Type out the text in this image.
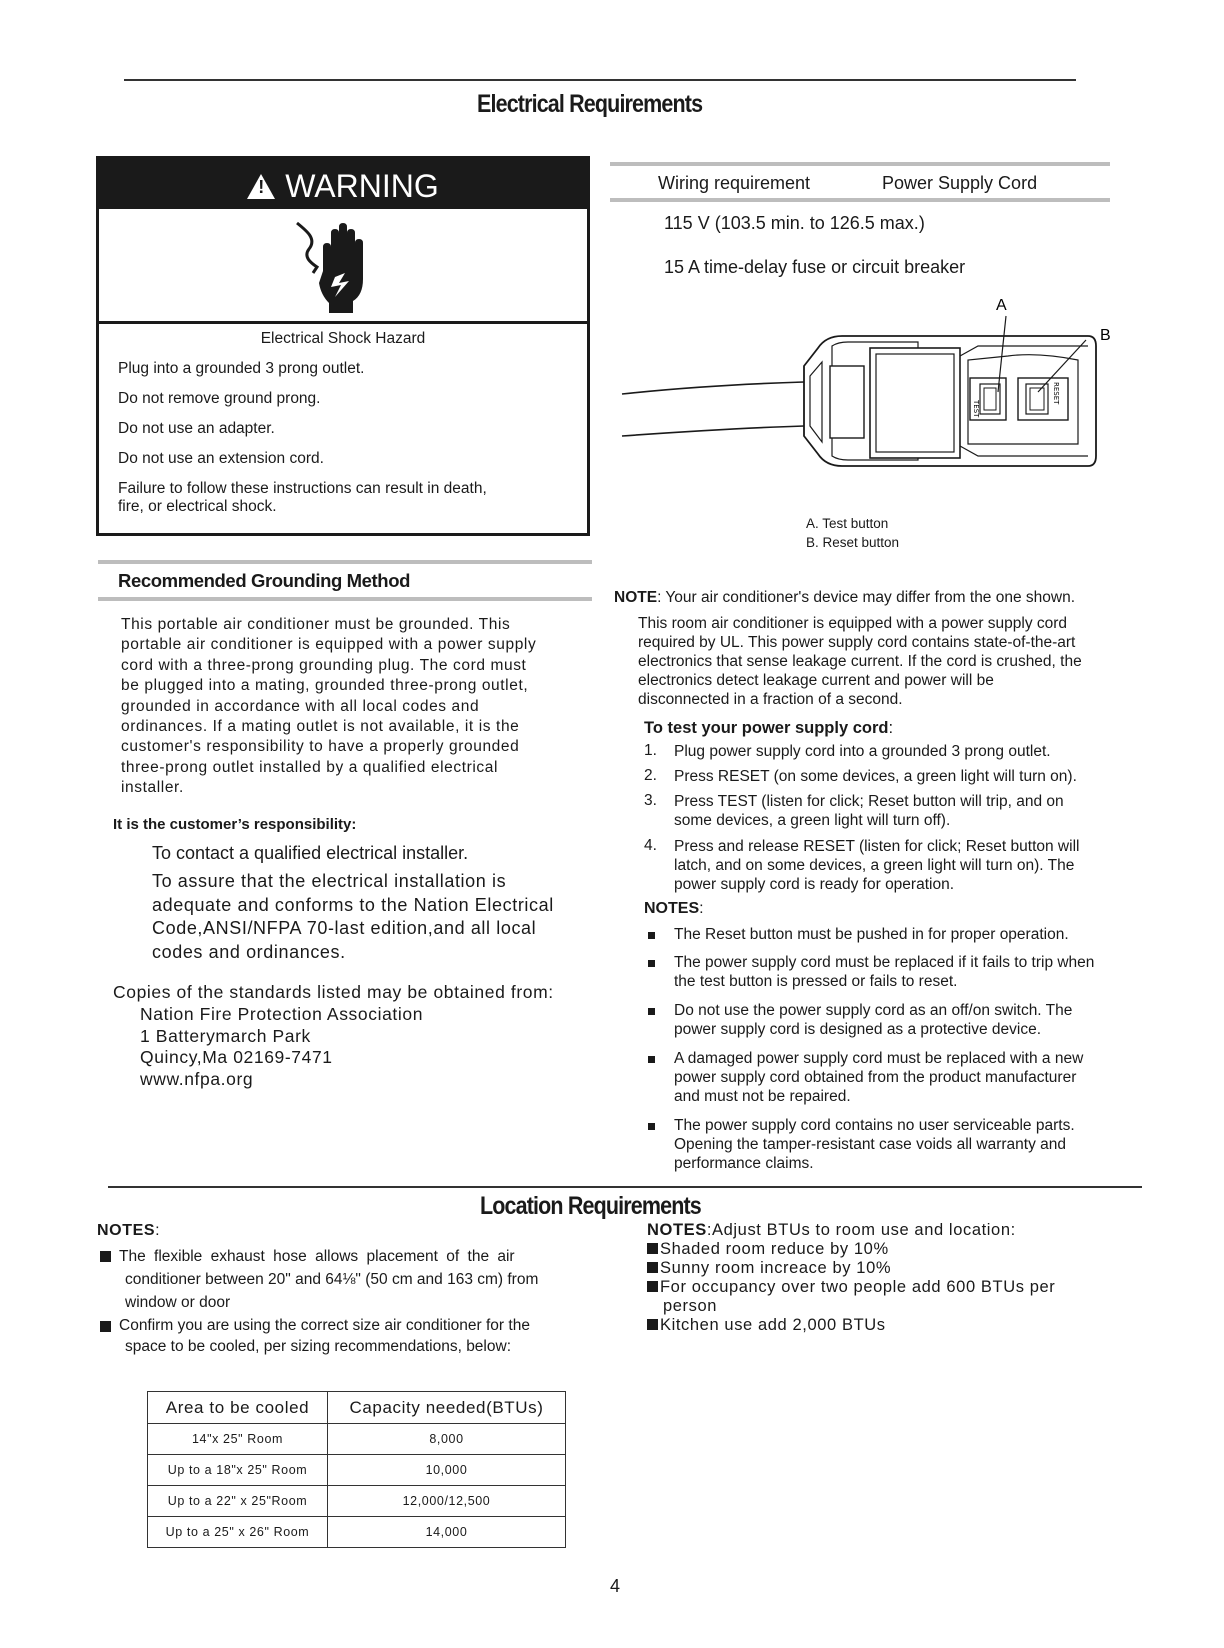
Electrical Requirements
!WARNING
Electrical Shock Hazard
Plug into a grounded 3 prong outlet.
Do not remove ground prong.
Do not use an adapter.
Do not use an extension cord.
Failure to follow these instructions can result in death,
fire, or electrical shock.
Wiring requirement	Power Supply Cord
115 V (103.5 min. to 126.5 max.)
15 A time-delay fuse or circuit breaker
TEST
RESET
A
B
A. Test button
B. Reset button
Recommended Grounding Method
This portable air conditioner must be grounded. This
portable air conditioner is equipped with a power supply
cord with a three-prong grounding plug. The cord must
be plugged into a mating, grounded three-prong outlet,
grounded in accordance with all local codes and
ordinances. If a mating outlet is not available, it is the
customer's responsibility to have a properly grounded
three-prong outlet installed by a qualified electrical
installer.
It is the customer’s responsibility:
To contact a qualified electrical installer.
To assure that the electrical installation is
adequate and conforms to the Nation Electrical
Code,ANSI/NFPA 70-last edition,and all local
codes and ordinances.
Copies of the standards listed may be obtained from:
Nation Fire Protection Association
1 Batterymarch Park
Quincy,Ma 02169-7471
www.nfpa.org
NOTE: Your air conditioner's device may differ from the one shown.
This room air conditioner is equipped with a power supply cord
required by UL. This power supply cord contains state-of-the-art
electronics that sense leakage current. If the cord is crushed, the
electronics detect leakage current and power will be
disconnected in a fraction of a second.
To test your power supply cord:
1. Plug power supply cord into a grounded 3 prong outlet.
2. Press RESET (on some devices, a green light will turn on).
3. Press TEST (listen for click; Reset button will trip, and on
some devices, a green light will turn off).
4. Press and release RESET (listen for click; Reset button will
latch, and on some devices, a green light will turn on). The
power supply cord is ready for operation.
NOTES:
The Reset button must be pushed in for proper operation.
The power supply cord must be replaced if it fails to trip when
the test button is pressed or fails to reset.
Do not use the power supply cord as an off/on switch. The
power supply cord is designed as a protective device.
A damaged power supply cord must be replaced with a new
power supply cord obtained from the product manufacturer
and must not be repaired.
The power supply cord contains no user serviceable parts.
Opening the tamper-resistant case voids all warranty and
performance claims.
Location Requirements
NOTES:
The flexible exhaust hose allows placement of the air
conditioner between 20" and 64⅛" (50 cm and 163 cm) from
window or door
Confirm you are using the correct size air conditioner for the
space to be cooled, per sizing recommendations, below:
NOTES:Adjust BTUs to room use and location:
Shaded room reduce by 10%
Sunny room increace by 10%
For occupancy over two people add 600 BTUs per
person
Kitchen use add 2,000 BTUs
Area to be cooled	Capacity needed(BTUs)
14"x 25" Room	8,000
Up to a 18"x 25" Room	10,000
Up to a 22" x 25"Room	12,000/12,500
Up to a 25" x 26" Room	14,000
4
